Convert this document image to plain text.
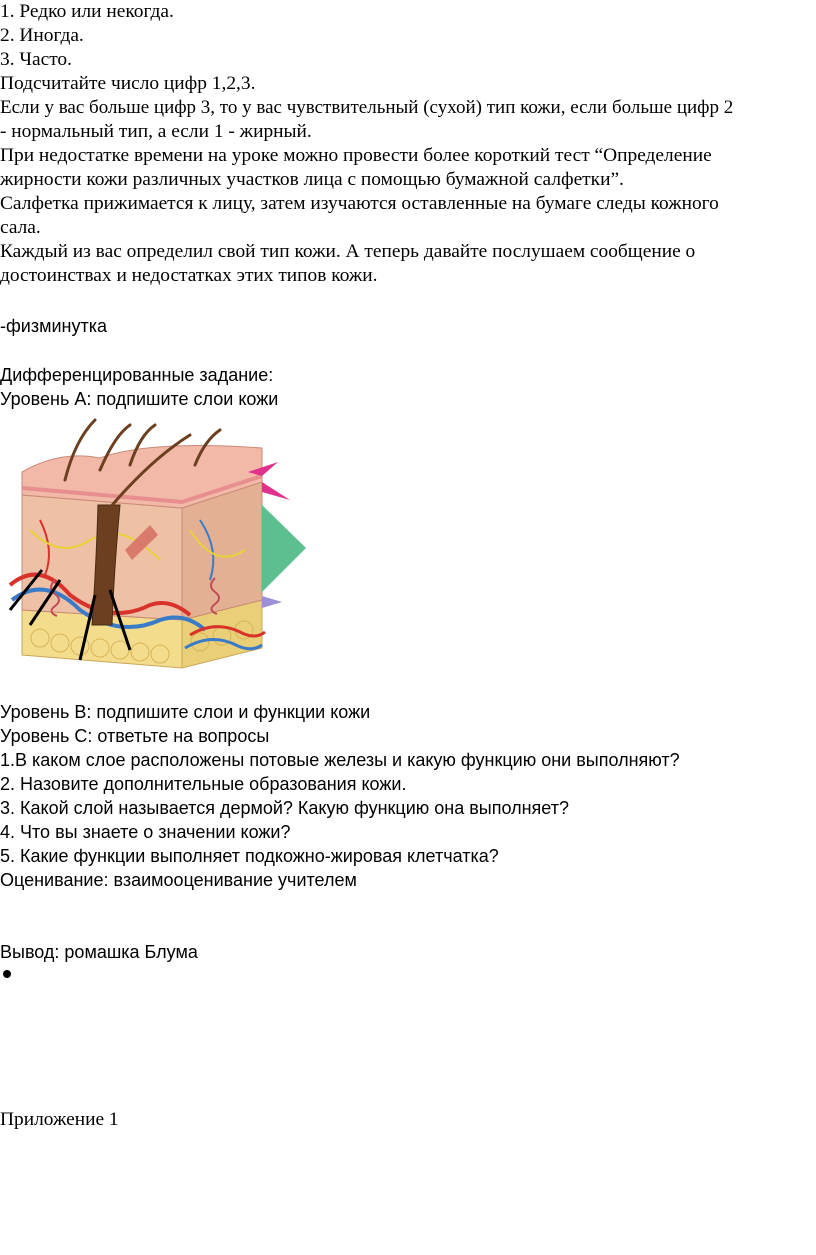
1. Редко или некогда.
2. Иногда.
3. Часто.
Подсчитайте число цифр 1,2,3.
Если у вас больше цифр 3, то у вас чувствительный (сухой) тип кожи, если больше цифр 2
- нормальный тип, а если 1 - жирный.
При недостатке времени на уроке можно провести более короткий тест “Определение
жирности кожи различных участков лица с помощью бумажной салфетки”.
Салфетка прижимается к лицу, затем изучаются оставленные на бумаге следы кожного
сала.
Каждый из вас определил свой тип кожи. А теперь давайте послушаем сообщение о
достоинствах и недостатках этих типов кожи.
-физминутка
Дифференцированные задание:
Уровень А: подпишите слои кожи
Уровень В: подпишите слои и функции кожи
Уровень С: ответьте на вопросы
1.В каком слое расположены потовые железы и какую функцию они выполняют?
2. Назовите дополнительные образования кожи.
3. Какой слой называется дермой? Какую функцию она выполняет?
4. Что вы знаете о значении кожи?
5. Какие функции выполняет подкожно-жировая клетчатка?
Оценивание: взаимооценивание учителем
Вывод: ромашка Блума
Приложение 1
